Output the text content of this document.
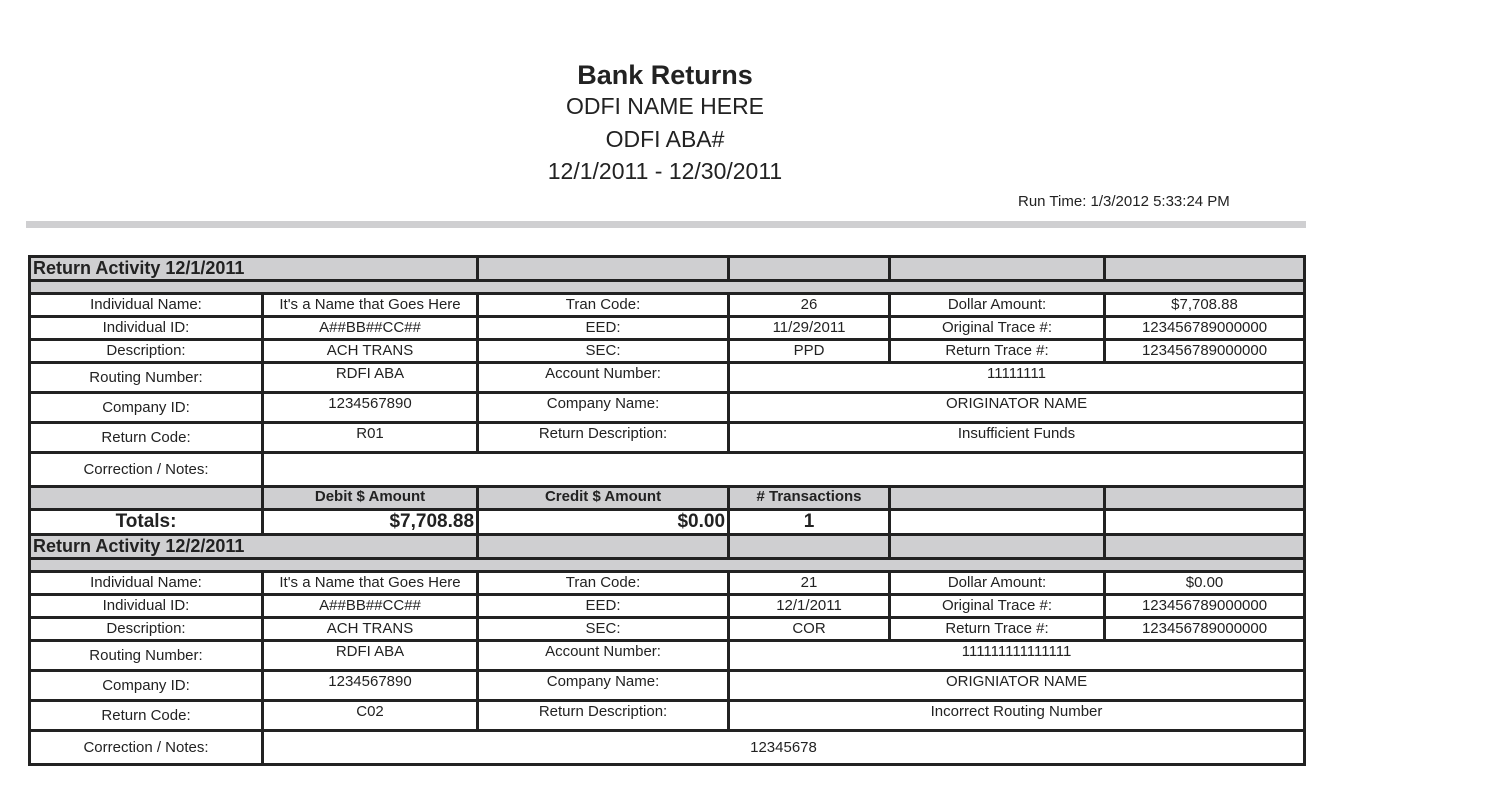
Bank Returns
ODFI NAME HERE
ODFI ABA#
12/1/2011 - 12/30/2011
Run Time: 1/3/2012 5:33:24 PM
Return Activity 12/1/2011					

Individual Name:	It's a Name that Goes Here	Tran Code:	26	Dollar Amount:	$7,708.88
Individual ID:	A##BB##CC##	EED:	11/29/2011	Original Trace #:	123456789000000
Description:	ACH TRANS	SEC:	PPD	Return Trace #:	123456789000000
Routing Number:	RDFI ABA	Account Number:	11111111		
Company ID:	1234567890	Company Name:	ORIGINATOR NAME		
Return Code:	R01	Return Description:	Insufficient Funds		
Correction / Notes:					
	Debit $ Amount	Credit $ Amount	# Transactions		
Totals:	$7,708.88	$0.00	1		
Return Activity 12/2/2011					

Individual Name:	It's a Name that Goes Here	Tran Code:	21	Dollar Amount:	$0.00
Individual ID:	A##BB##CC##	EED:	12/1/2011	Original Trace #:	123456789000000
Description:	ACH TRANS	SEC:	COR	Return Trace #:	123456789000000
Routing Number:	RDFI ABA	Account Number:	111111111111111		
Company ID:	1234567890	Company Name:	ORIGNIATOR NAME		
Return Code:	C02	Return Description:	Incorrect Routing Number		
Correction / Notes:	12345678				
